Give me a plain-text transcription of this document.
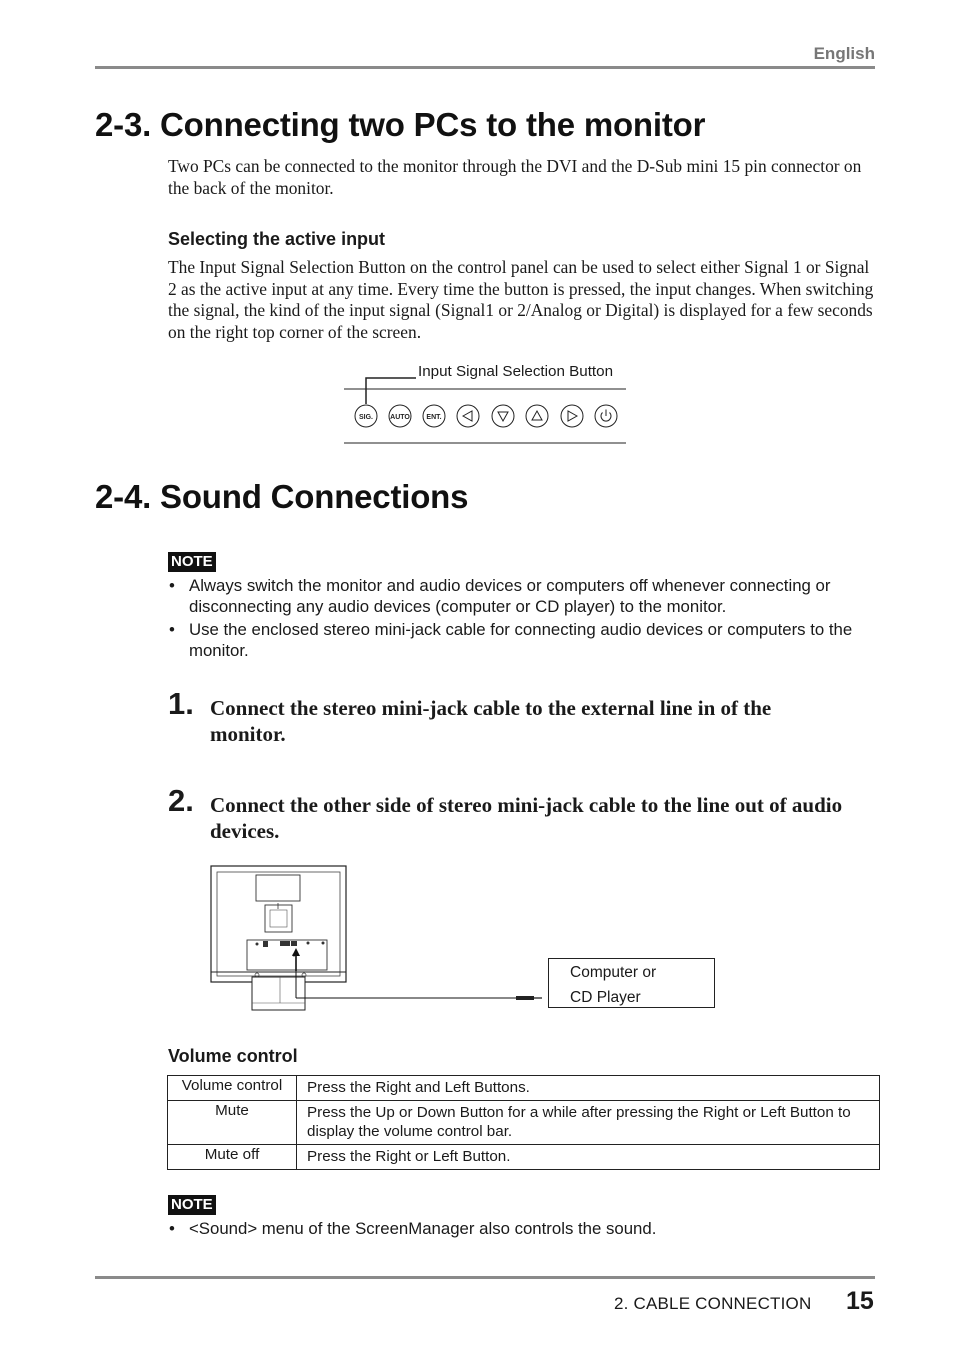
English
2-3. Connecting two PCs to the monitor

Two PCs can be connected to the monitor through the DVI and the D-Sub mini 15 pin connector on the back of the monitor.

Selecting the active input

The Input Signal Selection Button on the control panel can be used to select either Signal 1 or Signal 2 as the active input at any time. Every time the button is pressed, the input changes. When switching the signal, the kind of the input signal (Signal1 or 2/Analog or Digital) is displayed for a few seconds on the right top corner of the screen.

Input Signal Selection Button
SIG. AUTO ENT.
2-4. Sound Connections
NOTE
• Always switch the monitor and audio devices or computers off whenever connecting or disconnecting any audio devices (computer or CD player) to the monitor.
• Use the enclosed stereo mini-jack cable for connecting audio devices or computers to the monitor.
1. Connect the stereo mini-jack cable to the external line in of the monitor.

2. Connect the other side of stereo mini-jack cable to the line out of audio devices.

Computer or
CD Player

Volume control

Volume control	Press the Right and Left Buttons.
Mute	Press the Up or Down Button for a while after pressing the Right or Left Button to display the volume control bar.
Mute off	Press the Right or Left Button.
NOTE
• <Sound> menu of the ScreenManager also controls the sound.
2. CABLE CONNECTION 15
